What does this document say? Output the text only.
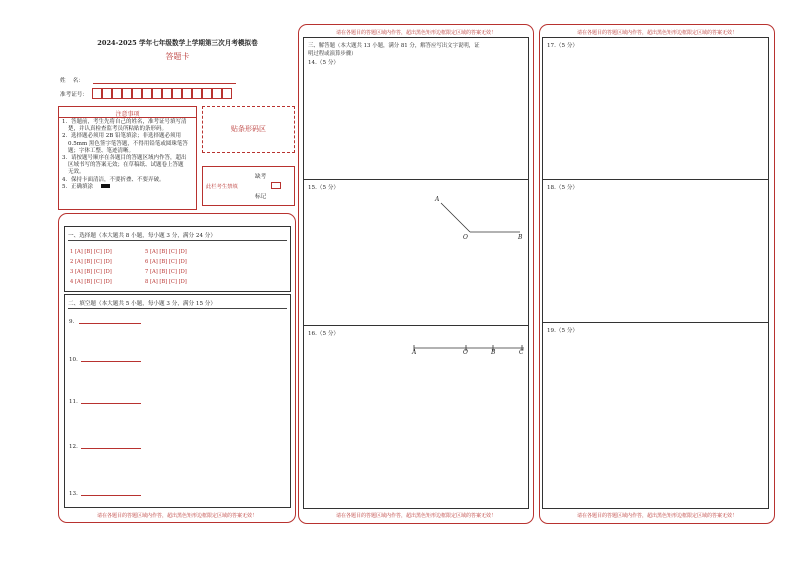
2024-2025 学年七年级数学上学期第三次月考模拟卷
答题卡
姓    名：
准考证号：
注意事项
1．答题前，考生先将自己的姓名，准考证号填写清
楚，并认真检查监考员所粘贴的条形码。
2．选择题必须用 2B 铅笔填涂；非选择题必须用
0.5mm 黑色签字笔答题，不得用铅笔或圆珠笔答
题；字体工整、笔迹清晰。
3．请按题号顺序在各题目的答题区域内作答，超出
区域书写的答案无效；在草稿纸、试题卷上答题
无效。
4．保持卡面清洁，不要折叠、不要弄破。
5．正确填涂
贴条形码区
缺考
此栏考生禁填
标记
一、选择题（本大题共 8 小题，每小题 3 分，满分 24 分）
1 [A] [B] [C] [D]
2 [A] [B] [C] [D]
3 [A] [B] [C] [D]
4 [A] [B] [C] [D]
5 [A] [B] [C] [D]
6 [A] [B] [C] [D]
7 [A] [B] [C] [D]
8 [A] [B] [C] [D]
二、填空题（本大题共 5 小题，每小题 3 分，满分 15 分）
9．
10．
11．
12．
13．
请在各题目的答题区域内作答，超出黑色矩形边框限定区域的答案无效！
请在各题目的答题区域内作答，超出黑色矩形边框限定区域的答案无效！
请在各题目的答题区域内作答，超出黑色矩形边框限定区域的答案无效！
三、解答题（本大题共 13 小题，满分 81 分，解答应写出文字说明，证
明过程或演算步骤）
14.（5 分）
15.（5 分）
A
O	B
16.（5 分）
A	O	B	C
请在各题目的答题区域内作答，超出黑色矩形边框限定区域的答案无效！
请在各题目的答题区域内作答，超出黑色矩形边框限定区域的答案无效！
17.（5 分）
18.（5 分）
19.（5 分）
